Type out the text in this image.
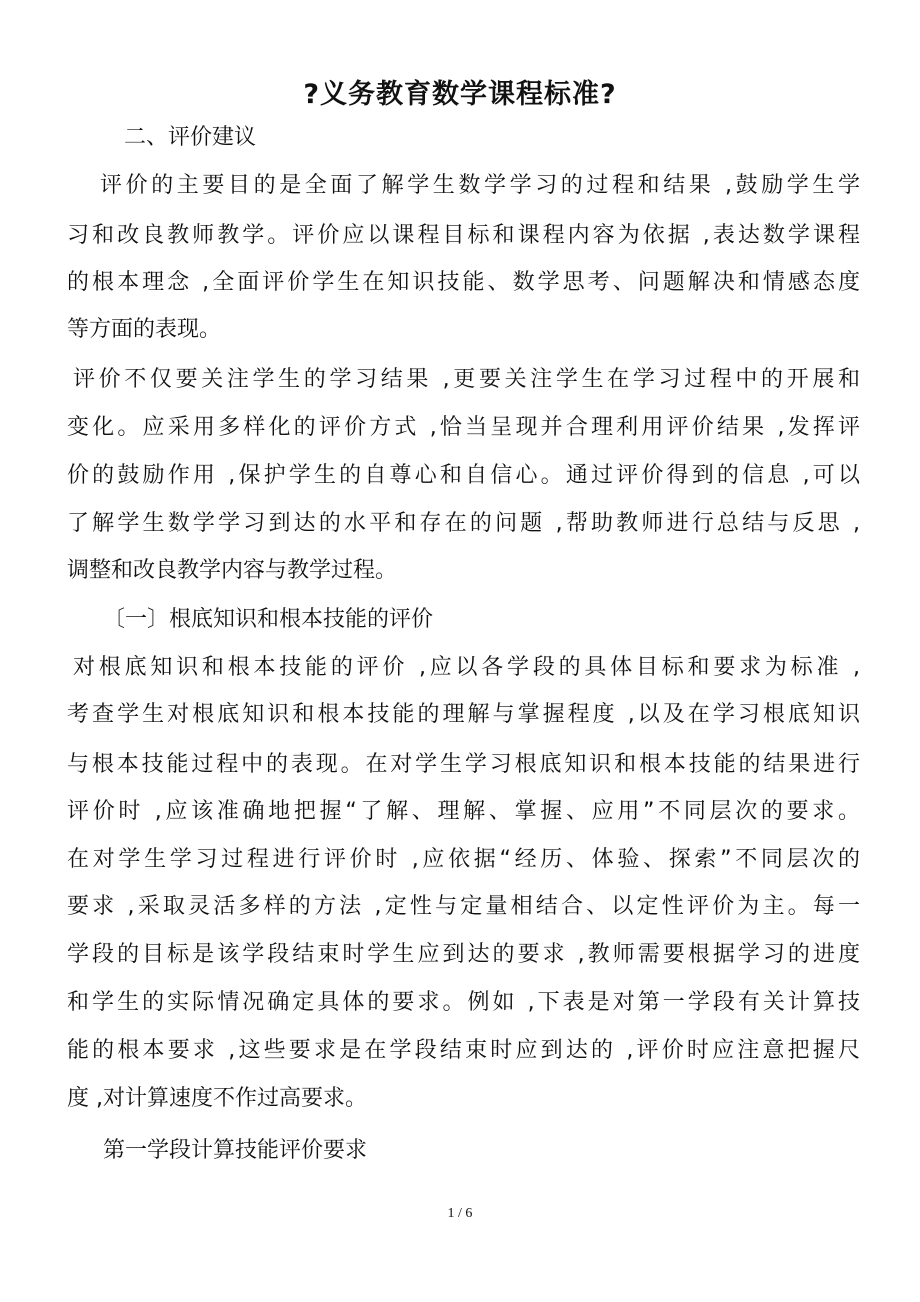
?义务教育数学课程标准?
二、评价建议
评价的主要目的是全面了解学生数学学习的过程和结果 ,鼓励学生学
习和改良教师教学。评价应以课程目标和课程内容为依据 ,表达数学课程
的根本理念 ,全面评价学生在知识技能、数学思考、问题解决和情感态度
等方面的表现。
评价不仅要关注学生的学习结果 ,更要关注学生在学习过程中的开展和
变化。应采用多样化的评价方式 ,恰当呈现并合理利用评价结果 ,发挥评
价的鼓励作用 ,保护学生的自尊心和自信心。通过评价得到的信息 ,可以
了解学生数学学习到达的水平和存在的问题 ,帮助教师进行总结与反思 ,
调整和改良教学内容与教学过程。
〔一〕根底知识和根本技能的评价
对根底知识和根本技能的评价 ,应以各学段的具体目标和要求为标准 ,
考查学生对根底知识和根本技能的理解与掌握程度 ,以及在学习根底知识
与根本技能过程中的表现。在对学生学习根底知识和根本技能的结果进行
评价时 ,应该准确地把握“了解、理解、掌握、应用”不同层次的要求。
在对学生学习过程进行评价时 ,应依据“经历、体验、探索”不同层次的
要求 ,采取灵活多样的方法 ,定性与定量相结合、以定性评价为主。每一
学段的目标是该学段结束时学生应到达的要求 ,教师需要根据学习的进度
和学生的实际情况确定具体的要求。例如 ,下表是对第一学段有关计算技
能的根本要求 ,这些要求是在学段结束时应到达的 ,评价时应注意把握尺
度 ,对计算速度不作过高要求。
第一学段计算技能评价要求
1 / 6
